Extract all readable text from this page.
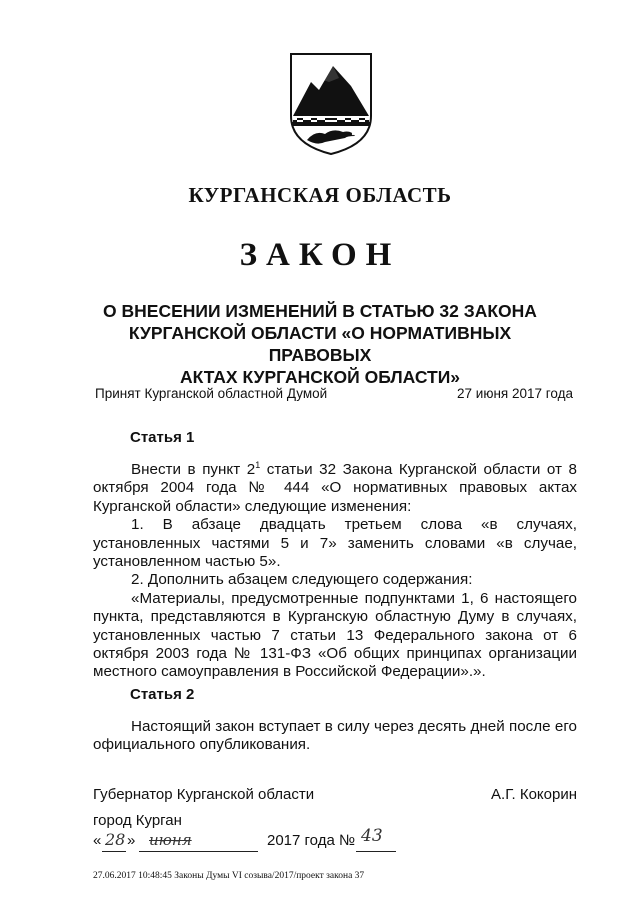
КУРГАНСКАЯ ОБЛАСТЬ
ЗАКОН
О ВНЕСЕНИИ ИЗМЕНЕНИЙ В СТАТЬЮ 32 ЗАКОНА
КУРГАНСКОЙ ОБЛАСТИ «О НОРМАТИВНЫХ ПРАВОВЫХ
АКТАХ КУРГАНСКОЙ ОБЛАСТИ»
Принят Курганской областной Думой	27 июня 2017 года
Статья 1

Внести в пункт $2^1$ статьи 32 Закона Курганской области от 8 октября 2004 года № 444 «О нормативных правовых актах Курганской области» следующие изменения:

1. В абзаце двадцать третьем слова «в случаях, установленных частями 5 и 7» заменить словами «в случае, установленном частью 5».

2. Дополнить абзацем следующего содержания:

«Материалы, предусмотренные подпунктами 1, 6 настоящего пункта, представляются в Курганскую областную Думу в случаях, установленных частью 7 статьи 13 Федерального закона от 6 октября 2003 года № 131-ФЗ «Об общих принципах организации местного самоуправления в Российской Федерации».».

Статья 2

Настоящий закон вступает в силу через десять дней после его официального опубликования.

Губернатор Курганской области	А.Г. Кокорин
город Курган
« 28 » июня	2017 года № 43
27.06.2017 10:48:45 Законы Думы VI созыва/2017/проект закона 37
